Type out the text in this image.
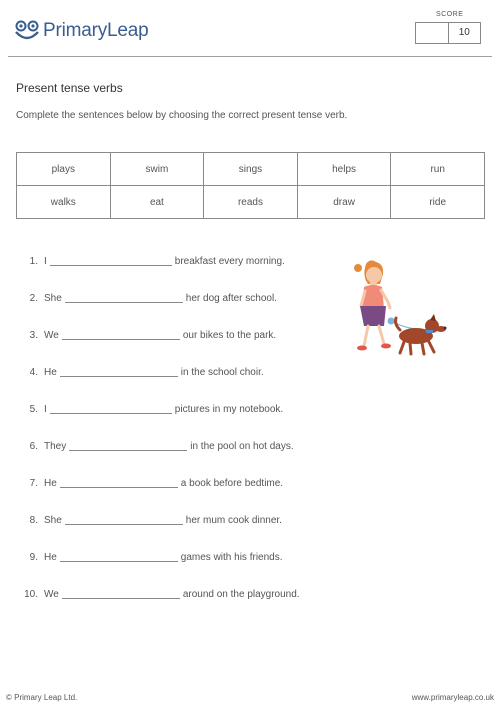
PrimaryLeap
SCORE
10
Present tense verbs
Complete the sentences below by choosing the correct present tense verb.
plays	swim	sings	helps	run
walks	eat	reads	draw	ride
1. I	breakfast every morning.
2. She	her dog after school.
3. We	our bikes to the park.
4. He	in the school choir.
5. I	pictures in my notebook.
6. They	in the pool on hot days.
7. He	a book before bedtime.
8. She	her mum cook dinner.
9. He	games with his friends.
10. We	around on the playground.
© Primary Leap Ltd.	www.primaryleap.co.uk
